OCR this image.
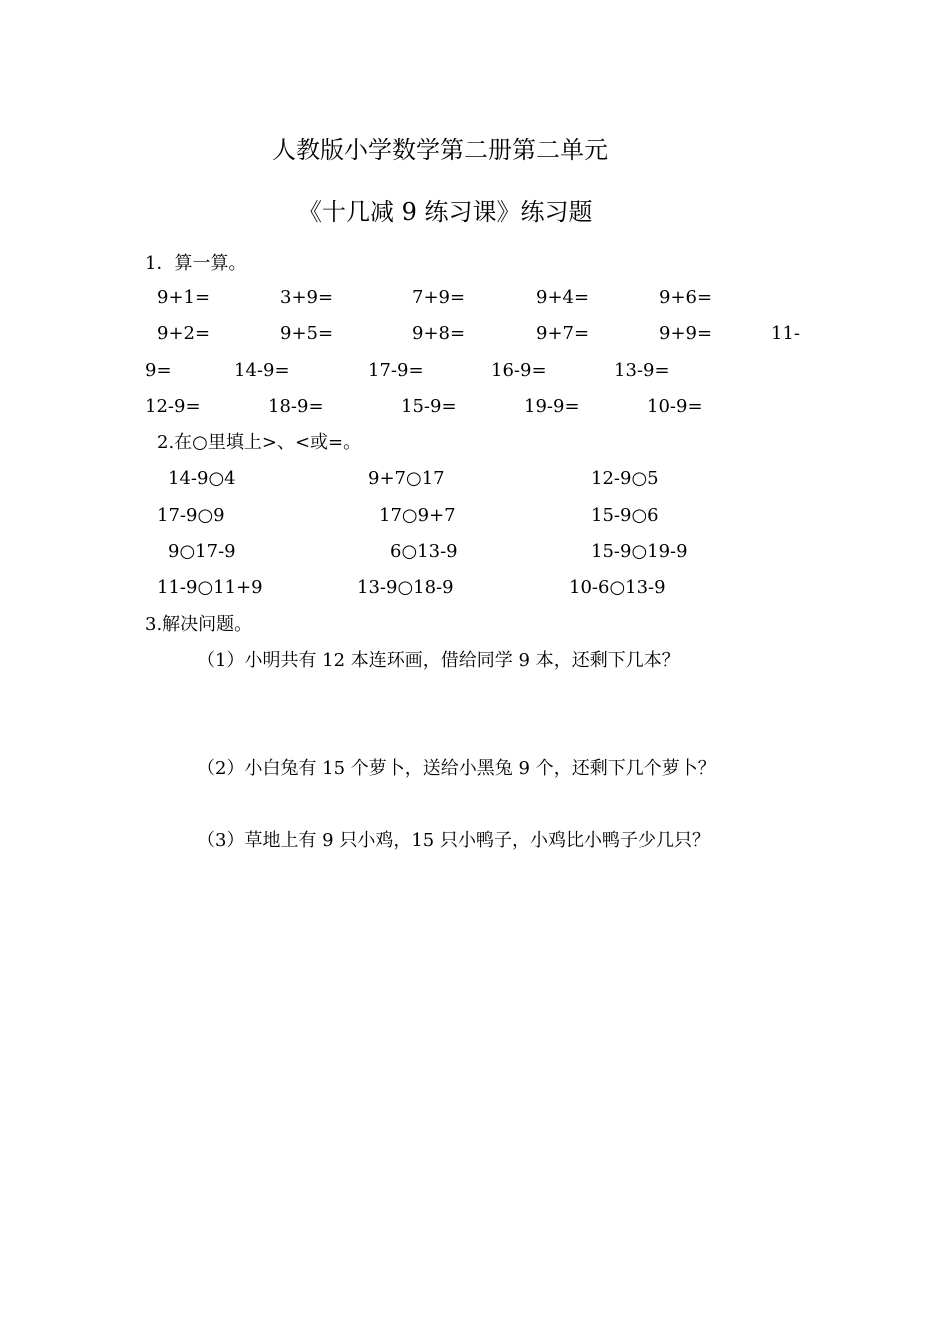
人教版小学数学第二册第二单元
《十几减 9 练习课》练习题
1．算一算。
9+1=	3+9=	7+9=	9+4=	9+6=
9+2=	9+5=	9+8=	9+7=	9+9=	11-
9=	14-9=	17-9=	16-9=	13-9=
12-9=	18-9=	15-9=	19-9=	10-9=
2.在○里填上>、<或=。
14-9○4	9+7○17	12-9○5
17-9○9	17○9+7	15-9○6
9○17-9	6○13-9	15-9○19-9
11-9○11+9	13-9○18-9	10-6○13-9
3.解决问题。
（1）小明共有 12 本连环画，借给同学 9 本，还剩下几本？
（2）小白兔有 15 个萝卜，送给小黑兔 9 个，还剩下几个萝卜？
（3）草地上有 9 只小鸡，15 只小鸭子，小鸡比小鸭子少几只？
